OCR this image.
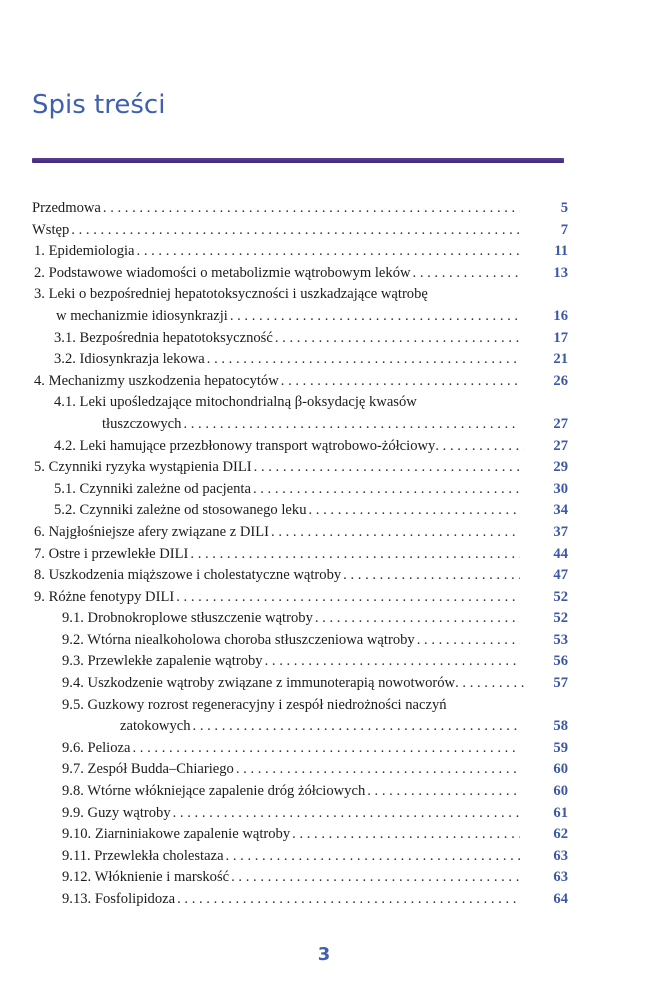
Spis treści
Przedmowa . . .	5
Wstęp . . .	7
1. Epidemiologia . . .	11
2. Podstawowe wiadomości o metabolizmie wątrobowym leków . . .	13
3. Leki o bezpośredniej hepatotoksyczności i uszkadzające wątrobę
w mechanizmie idiosynkrazji . . .	16
3.1. Bezpośrednia hepatotoksyczność . . .	17
3.2. Idiosynkrazja lekowa . . .	21
4. Mechanizmy uszkodzenia hepatocytów . . .	26
4.1. Leki upośledzające mitochondrialną β-oksydację kwasów
tłuszczowych . . .	27
4.2. Leki hamujące przezbłonowy transport wątrobowo-żółciowy . . .	27
5. Czynniki ryzyka wystąpienia DILI . . .	29
5.1. Czynniki zależne od pacjenta . . .	30
5.2. Czynniki zależne od stosowanego leku . . .	34
6. Najgłośniejsze afery związane z DILI . . .	37
7. Ostre i przewlekłe DILI . . .	44
8. Uszkodzenia miąższowe i cholestatyczne wątroby . . .	47
9. Różne fenotypy DILI . . .	52
9.1. Drobnokroplowe stłuszczenie wątroby . . .	52
9.2. Wtórna niealkoholowa choroba stłuszczeniowa wątroby . . .	53
9.3. Przewlekłe zapalenie wątroby . . .	56
9.4. Uszkodzenie wątroby związane z immunoterapią nowotworów . . .	57
9.5. Guzkowy rozrost regeneracyjny i zespół niedrożności naczyń
zatokowych . . .	58
9.6. Pelioza . . .	59
9.7. Zespół Budda–Chiariego . . .	60
9.8. Wtórne włókniejące zapalenie dróg żółciowych . . .	60
9.9. Guzy wątroby . . .	61
9.10. Ziarniniakowe zapalenie wątroby . . .	62
9.11. Przewlekła cholestaza . . .	63
9.12. Włóknienie i marskość . . .	63
9.13. Fosfolipidoza . . .	64
3
